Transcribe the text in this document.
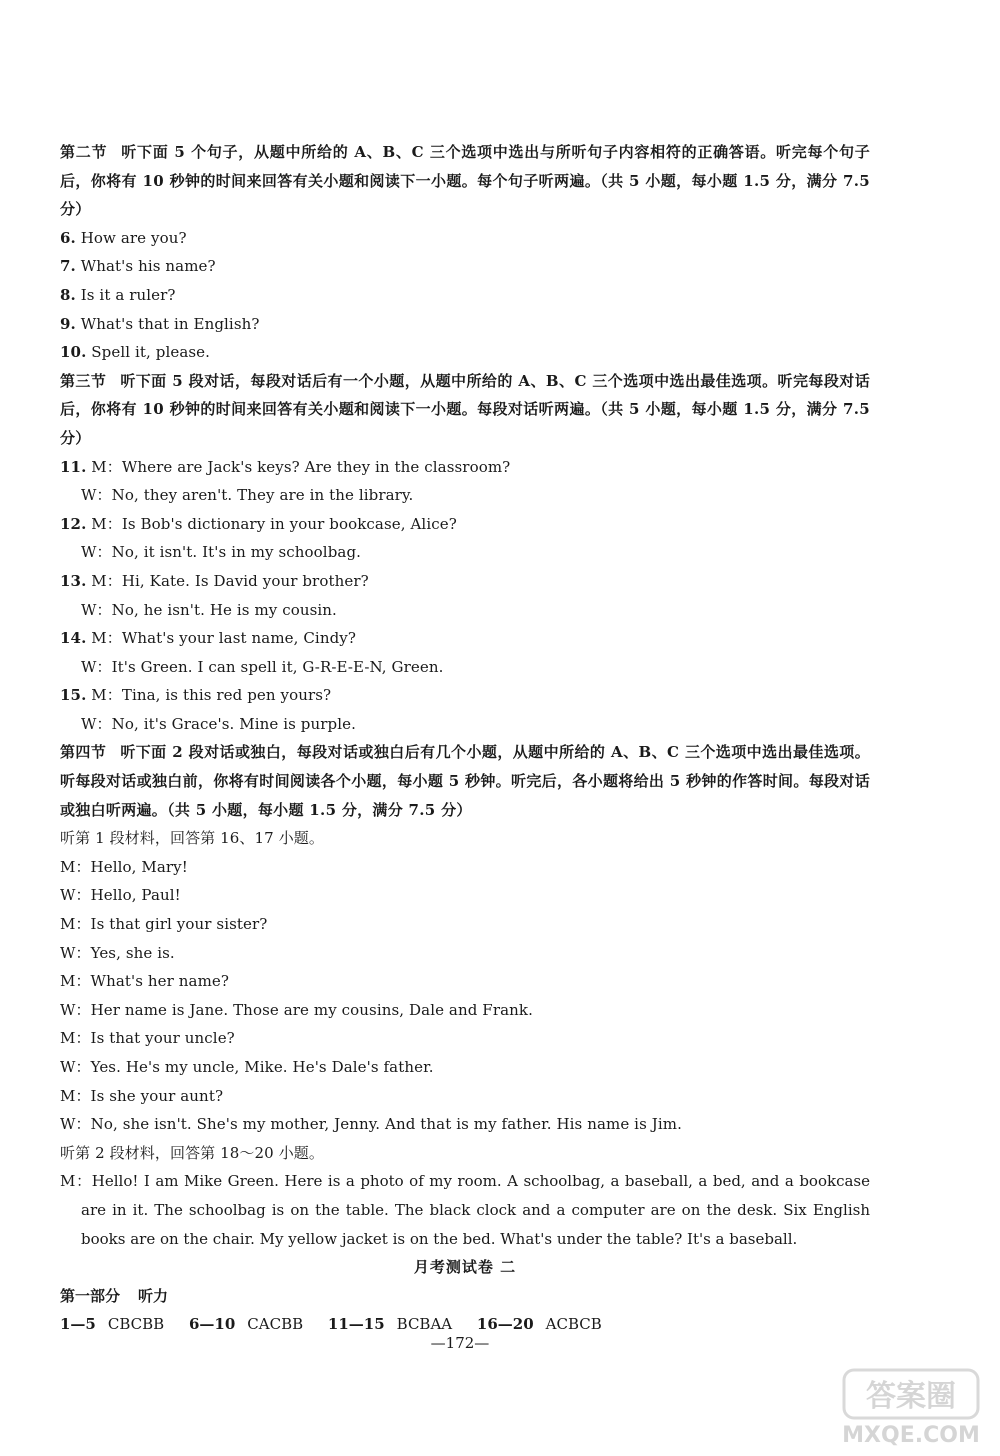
第二节 听下面 5 个句子，从题中所给的 A、B、C 三个选项中选出与所听句子内容相符的正确答语。听完每个句子后，你将有 10 秒钟的时间来回答有关小题和阅读下一小题。每个句子听两遍。（共 5 小题，每小题 1.5 分，满分 7.5 分）
6. How are you?
7. What's his name?
8. Is it a ruler?
9. What's that in English?
10. Spell it, please.
第三节 听下面 5 段对话，每段对话后有一个小题，从题中所给的 A、B、C 三个选项中选出最佳选项。听完每段对话后，你将有 10 秒钟的时间来回答有关小题和阅读下一小题。每段对话听两遍。（共 5 小题，每小题 1.5 分，满分 7.5 分）
11. M：Where are Jack's keys? Are they in the classroom?
W：No, they aren't. They are in the library.
12. M：Is Bob's dictionary in your bookcase, Alice?
W：No, it isn't. It's in my schoolbag.
13. M：Hi, Kate. Is David your brother?
W：No, he isn't. He is my cousin.
14. M：What's your last name, Cindy?
W：It's Green. I can spell it, G-R-E-E-N, Green.
15. M：Tina, is this red pen yours?
W：No, it's Grace's. Mine is purple.
第四节 听下面 2 段对话或独白，每段对话或独白后有几个小题，从题中所给的 A、B、C 三个选项中选出最佳选项。听每段对话或独白前，你将有时间阅读各个小题，每小题 5 秒钟。听完后，各小题将给出 5 秒钟的作答时间。每段对话或独白听两遍。（共 5 小题，每小题 1.5 分，满分 7.5 分）
听第 1 段材料，回答第 16、17 小题。
M：Hello, Mary!
W：Hello, Paul!
M：Is that girl your sister?
W：Yes, she is.
M：What's her name?
W：Her name is Jane. Those are my cousins, Dale and Frank.
M：Is that your uncle?
W：Yes. He's my uncle, Mike. He's Dale's father.
M：Is she your aunt?
W：No, she isn't. She's my mother, Jenny. And that is my father. His name is Jim.
听第 2 段材料，回答第 18～20 小题。
M：Hello! I am Mike Green. Here is a photo of my room. A schoolbag, a baseball, a bed, and a bookcase are in it. The schoolbag is on the table. The black clock and a computer are on the desk. Six English books are on the chair. My yellow jacket is on the bed. What's under the table? It's a baseball.
月考测试卷 二
第一部分 听力
1—5 CBCBB 6—10 CACBB 11—15 BCBAA 16—20 ACBCB
—172—
答案圈
MXQE.COM
